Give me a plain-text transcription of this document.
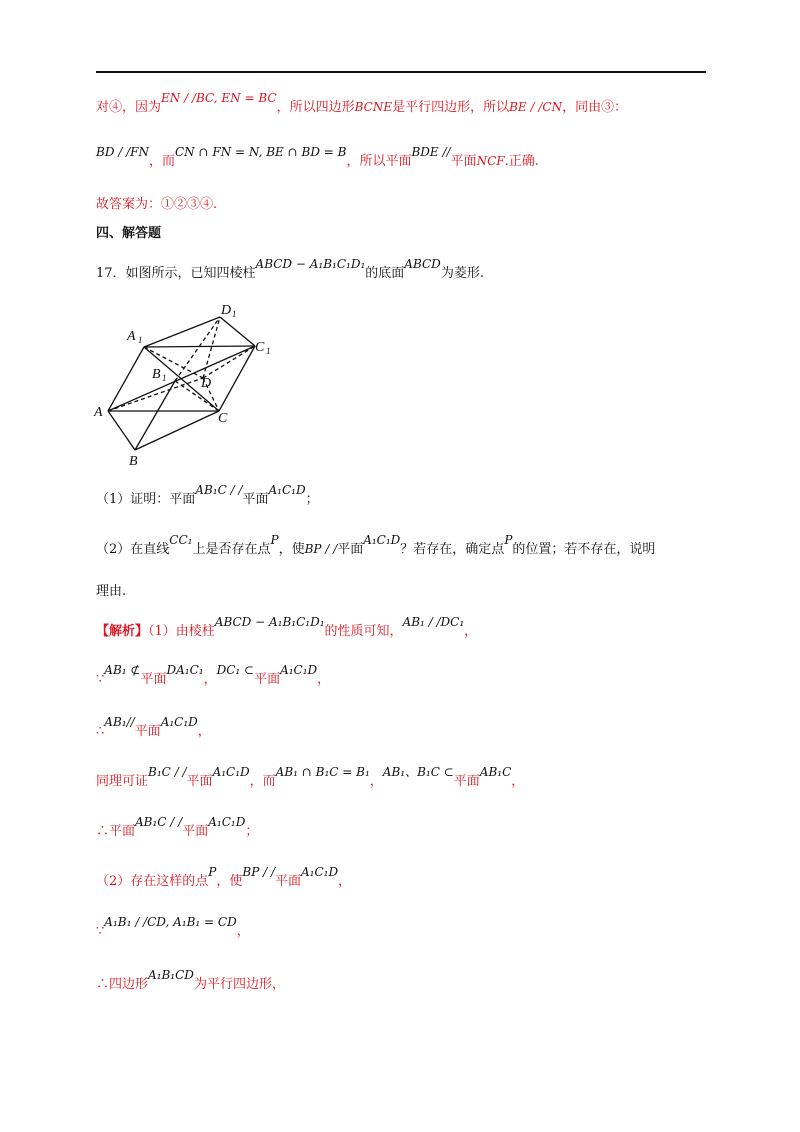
对④，因为EN / /BC, EN = BC，所以四边形BCNE是平行四边形，所以BE / /CN，同由③：
BD / /FN，而CN ∩ FN = N, BE ∩ BD = B，所以平面BDE //平面NCF.正确.
故答案为：①②③④.
四、解答题
17．如图所示，已知四棱柱ABCD − A₁B₁C₁D₁的底面ABCD为菱形.
A
B
C
D
A 1
B 1
C 1
D 1
（1）证明：平面AB₁C / /平面A₁C₁D；
（2）在直线CC₁上是否存在点P，使BP / /平面A₁C₁D？若存在，确定点P的位置；若不存在，说明
理由.
【解析】（1）由棱柱ABCD − A₁B₁C₁D₁的性质可知，AB₁ / /DC₁，
∵AB₁ ⊄平面DA₁C₁，DC₁ ⊂平面A₁C₁D，
∴AB₁//平面A₁C₁D，
同理可证B₁C / /平面A₁C₁D，而AB₁ ∩ B₁C = B₁，AB₁、B₁C ⊂平面AB₁C，
∴平面AB₁C / /平面A₁C₁D；
（2）存在这样的点P，使BP / /平面A₁C₁D，
∵A₁B₁ / /CD, A₁B₁ = CD，
∴四边形A₁B₁CD为平行四边形，
